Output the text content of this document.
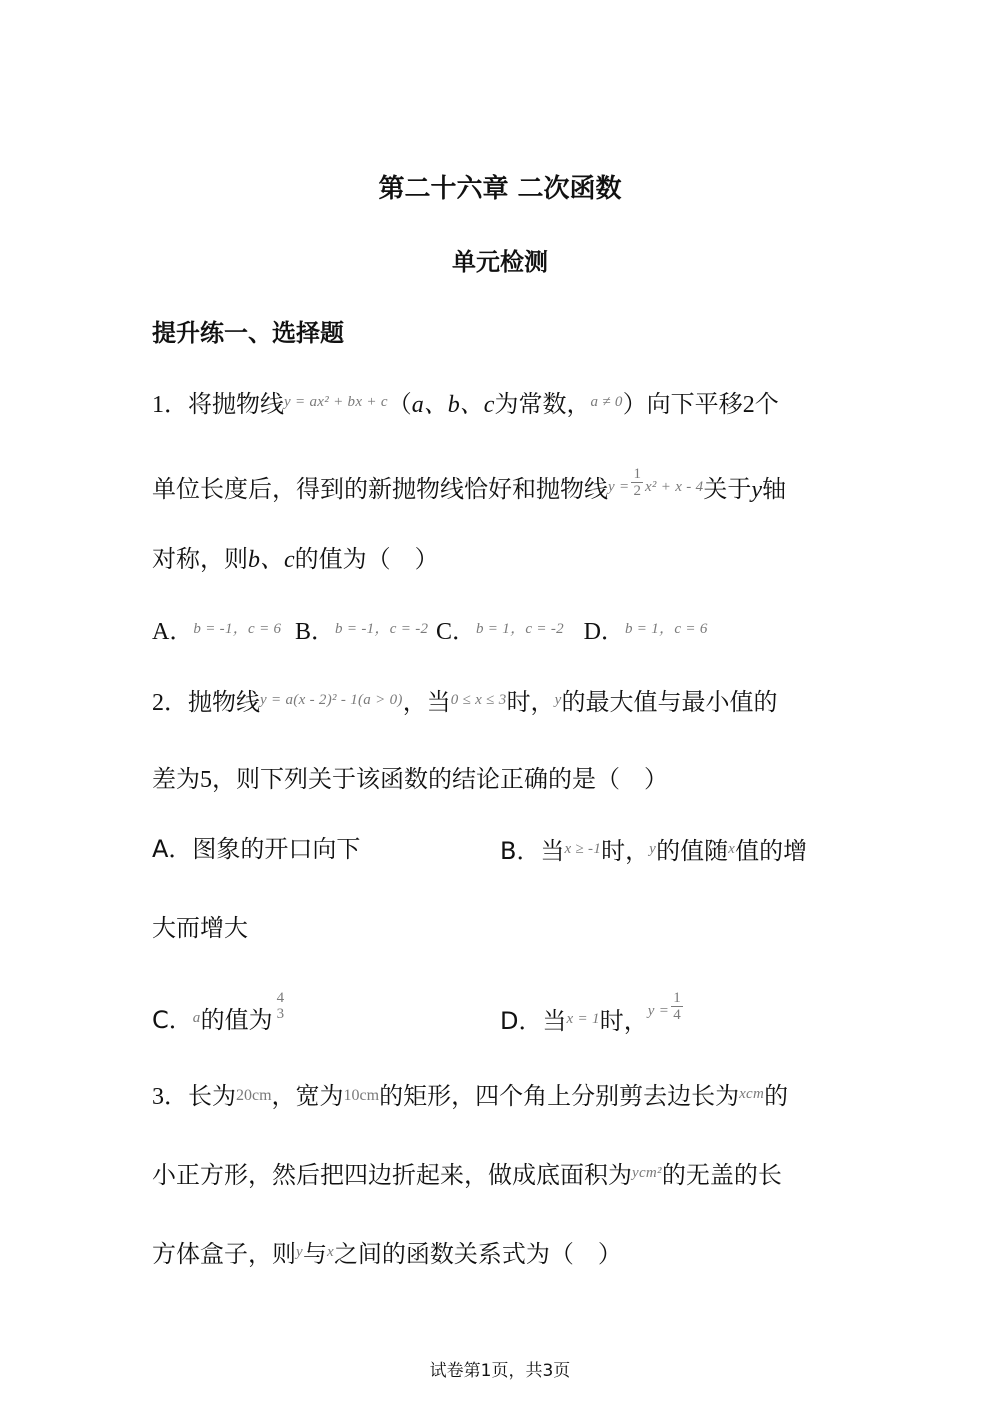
第二十六章 二次函数
单元检测
提升练一、选择题
1．将抛物线$^{y = ax^2 + bx + c}$（a、b、c为常数，$^{a \ne 0}$）向下平移2个
单位长度后，得到的新抛物线恰好和抛物线$^{y =} \frac{1}{2} ^{x^2 + x - 4}$关于y轴
对称，则b、c的值为（　）
A．$^{b = -1,c = 6}$ B．$^{b = -1,c = -2}$ C．$^{b = 1,c = -2}$ D．$^{b = 1,c = 6}$
2．抛物线$^{y = a(x - 2)^2 - 1(a > 0)}$，当$^{0 \le x \le 3}$时，$^y$的最大值与最小值的
差为5，则下列关于该函数的结论正确的是（　）
A．图象的开口向下	B．当$^{x \ge -1}$时，$^y$的值随$^x$值的增
大而增大
C．$^a$的值为
4
3	D．当$^{x = 1}$时，$^{y =} \frac{1}{4}$
3．长为20cm，宽为10cm的矩形，四个角上分别剪去边长为$^{xcm}$的
小正方形，然后把四边折起来，做成底面积为$^{ycm^2}$的无盖的长
方体盒子，则$^y$与$^x$之间的函数关系式为（　）
试卷第1页，共3页
